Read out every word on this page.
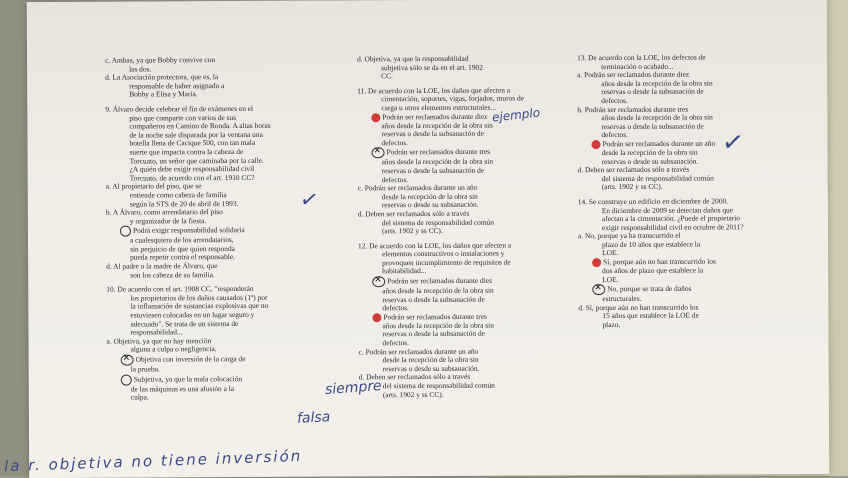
c. Ambas, ya que Bobby convive con
las dos.
d. La Asociación protectora, que es, la
responsable de haber asignado a
Bobby a Elisa y María.
9. Álvaro decide celebrar el fin de exámenes en el
piso que comparte con varios de sus
compañeros en Camino de Ronda. A altas horas
de la noche sale disparada por la ventana una
botella llena de Cacique 500, con tan mala
suerte que impacta contra la cabeza de
Torcuato, un señor que caminaba por la calle.
¿A quién debe exigir responsabilidad civil
Torcuato, de acuerdo con el art. 1910 CC?
a. Al propietario del piso, que se
entiende como cabeza de familia
según la STS de 20 de abril de 1993.
b. A Álvaro, como arrendatario del piso
y organizador de la fiesta.
Podrá exigir responsabilidad solidaria
a cualesquiera de los arrendatarios,
sin perjuicio de que quien responda
pueda repetir contra el responsable.
d. Al padre o la madre de Álvaro, que
son los cabeza de su familia.
10. De acuerdo con el art. 1908 CC, "responderán
los propietarios de los daños causados (1º) por
la inflamación de sustancias explosivas que no
estuviesen colocadas en un lugar seguro y
adecuado". Se trata de un sistema de
responsabilidad...
a. Objetiva, ya que no hay mención
alguna a culpa o negligencia.
✕Objetiva con inversión de la carga de
la prueba.
Subjetiva, ya que la mala colocación
de las máquinas es una alusión a la
culpa.
d. Objetiva, ya que la responsabilidad
subjetiva sólo se da en el art. 1902
CC.
11. De acuerdo con la LOE, los daños que afecten a
cimentación, soportes, vigas, forjados, muros de
carga u otros elementos estructurales...
Podrán ser reclamados durante diez
años desde la recepción de la obra sin
reservas o desde la subsanación de
defectos.
✕Podrán ser reclamados durante tres
años desde la recepción de la obra sin
reservas o desde la subsanación de
defectos.
c. Podrán ser reclamados durante un año
desde la recepción de la obra sin
reservas o desde su subsanación.
d. Deben ser reclamados sólo a través
del sistema de responsabilidad común
(arts. 1902 y ss CC).
12. De acuerdo con la LOE, los daños que afecten a
elementos constructivos o instalaciones y
provoquen incumplimiento de requisitos de
habitabilidad...
✕Podrán ser reclamados durante diez
años desde la recepción de la obra sin
reservas o desde la subsanación de
defectos.
Podrán ser reclamados durante tres
años desde la recepción de la obra sin
reservas o desde la subsanación de
defectos.
c. Podrán ser reclamados durante un año
desde la recepción de la obra sin
reservas o desde su subsanación.
d. Deben ser reclamados sólo a través
del sistema de responsabilidad común
(arts. 1902 y ss CC).
13. De acuerdo con la LOE, los defectos de
terminación o acabado...
a. Podrán ser reclamados durante diez
años desde la recepción de la obra sin
reservas o desde la subsanación de
defectos.
b. Podrán ser reclamados durante tres
años desde la recepción de la obra sin
reservas o desde la subsanación de
defectos.
Podrán ser reclamados durante un año
desde la recepción de la obra sin
reservas o desde su subsanación.
d. Deben ser reclamados sólo a través
del sistema de responsabilidad común
(arts. 1902 y ss CC).
14. Se construye un edificio en diciembre de 2000.
En diciembre de 2009 se detectan daños que
afectan a la cimentación. ¿Puede el propietario
exigir responsabilidad civil en octubre de 2011?
a. No, porque ya ha transcurrido el
plazo de 10 años que establece la
LOE.
Sí, porque aún no han transcurrido los
dos años de plazo que establece la
LOE.
✕No, porque se trata de daños
estructurales.
d. Sí, porque aún no han transcurrido los
15 años que establece la LOE de
plazo.
la r. objetiva no tiene inversión
siempre
falsa
ejemplo
✓
✓
